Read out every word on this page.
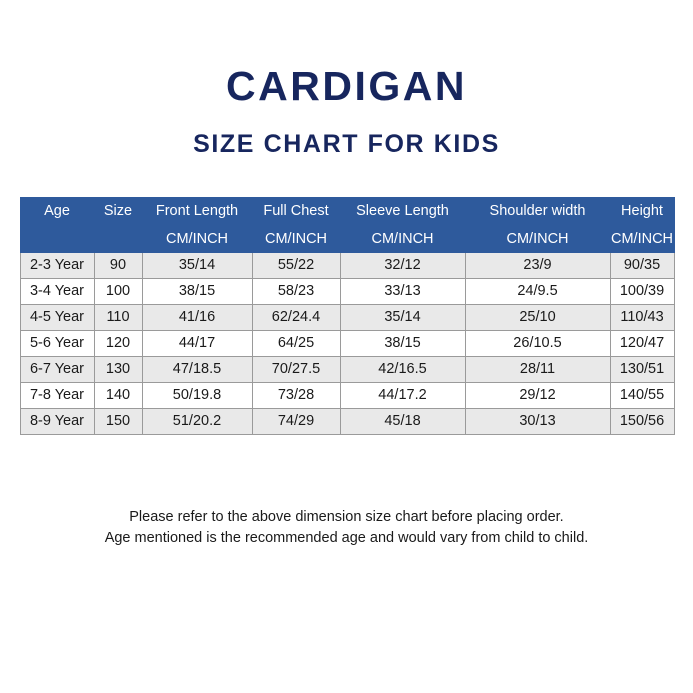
CARDIGAN
SIZE CHART FOR KIDS
Age	Size	Front Length	Full Chest	Sleeve Length	Shoulder width	Height
		CM/INCH	CM/INCH	CM/INCH	CM/INCH	CM/INCH
2-3 Year	90	35/14	55/22	32/12	23/9	90/35
3-4 Year	100	38/15	58/23	33/13	24/9.5	100/39
4-5 Year	110	41/16	62/24.4	35/14	25/10	110/43
5-6 Year	120	44/17	64/25	38/15	26/10.5	120/47
6-7 Year	130	47/18.5	70/27.5	42/16.5	28/11	130/51
7-8 Year	140	50/19.8	73/28	44/17.2	29/12	140/55
8-9 Year	150	51/20.2	74/29	45/18	30/13	150/56
Please refer to the above dimension size chart before placing order.
Age mentioned is the recommended age and would vary from child to child.
